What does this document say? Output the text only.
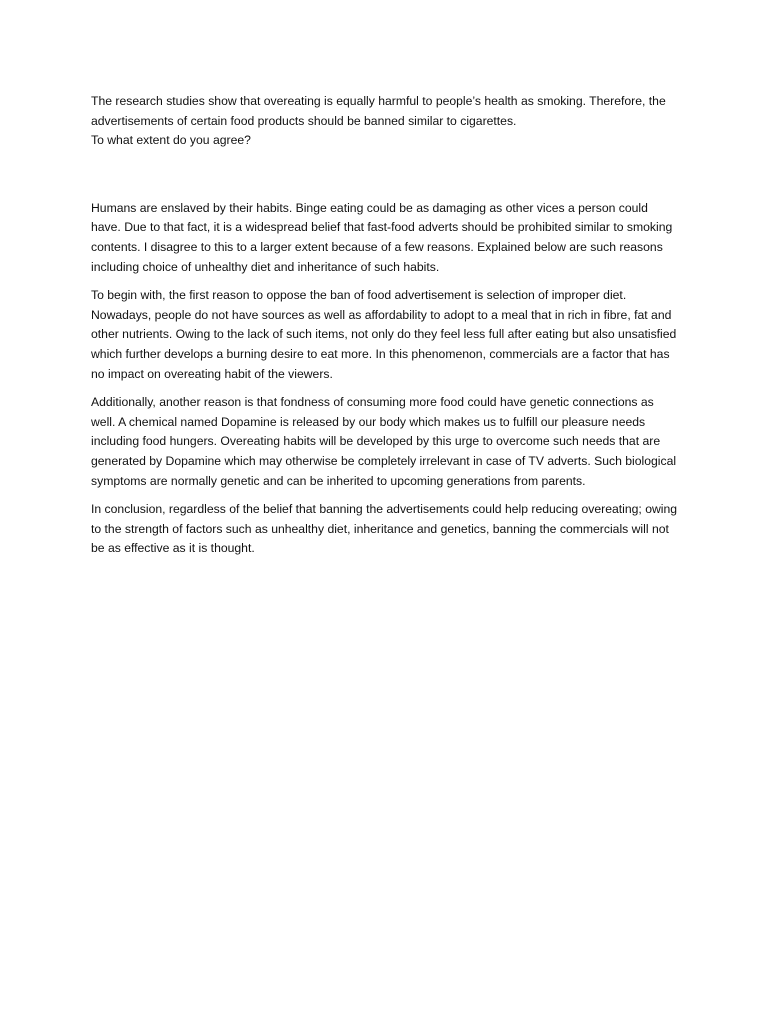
The research studies show that overeating is equally harmful to people’s health as smoking. Therefore, the advertisements of certain food products should be banned similar to cigarettes.

To what extent do you agree?

Humans are enslaved by their habits. Binge eating could be as damaging as other vices a person could have. Due to that fact, it is a widespread belief that fast-food adverts should be prohibited similar to smoking contents. I disagree to this to a larger extent because of a few reasons. Explained below are such reasons including choice of unhealthy diet and inheritance of such habits.

To begin with, the first reason to oppose the ban of food advertisement is selection of improper diet. Nowadays, people do not have sources as well as affordability to adopt to a meal that in rich in fibre, fat and other nutrients. Owing to the lack of such items, not only do they feel less full after eating but also unsatisfied which further develops a burning desire to eat more. In this phenomenon, commercials are a factor that has no impact on overeating habit of the viewers.

Additionally, another reason is that fondness of consuming more food could have genetic connections as well. A chemical named Dopamine is released by our body which makes us to fulfill our pleasure needs including food hungers. Overeating habits will be developed by this urge to overcome such needs that are generated by Dopamine which may otherwise be completely irrelevant in case of TV adverts. Such biological symptoms are normally genetic and can be inherited to upcoming generations from parents.

In conclusion, regardless of the belief that banning the advertisements could help reducing overeating; owing to the strength of factors such as unhealthy diet, inheritance and genetics, banning the commercials will not be as effective as it is thought.
